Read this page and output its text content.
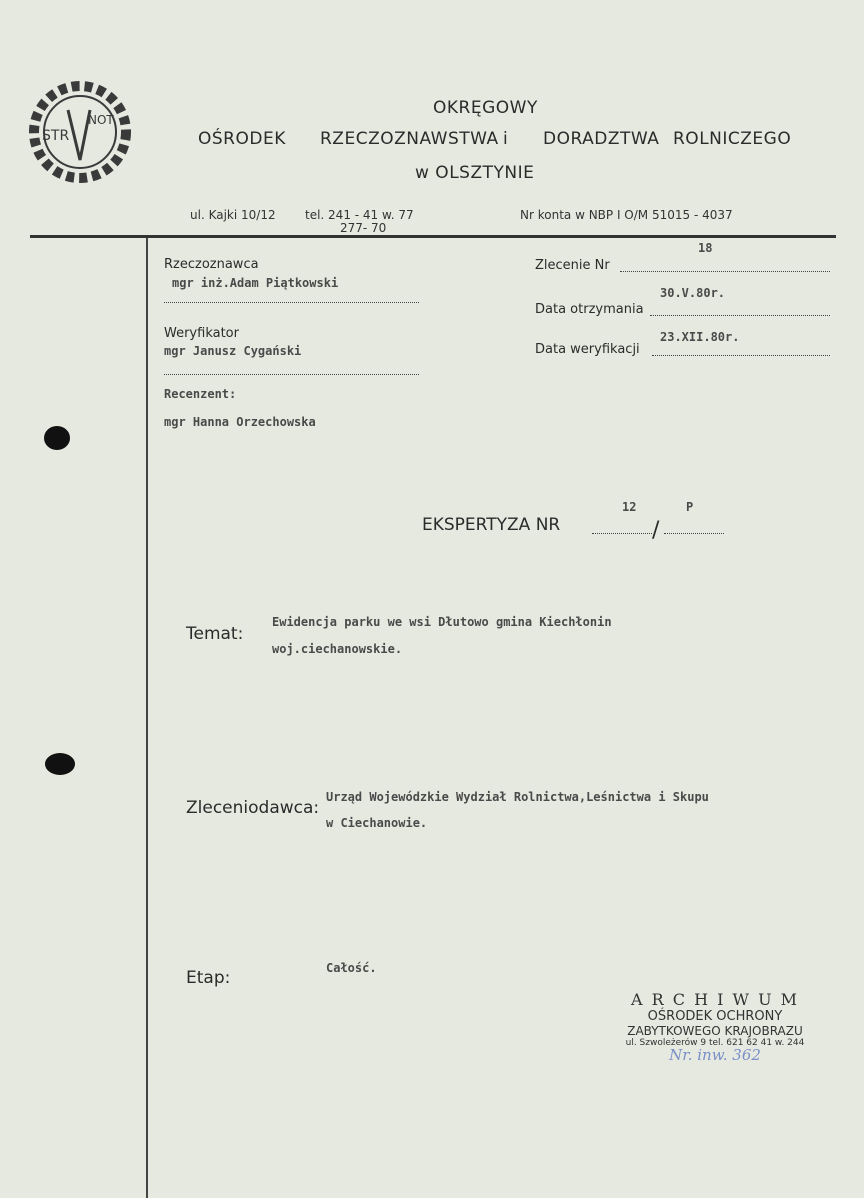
STR
NOT
OKRĘGOWY
OŚRODEK RZECZOZNAWSTWA i DORADZTWA ROLNICZEGO
w OLSZTYNIE
ul. Kajki 10/12 tel. 241 - 41 w. 77
277- 70
Nr konta w NBP I O/M 51015 - 4037
Rzeczoznawca
mgr inż.Adam Piątkowski
Weryfikator
mgr Janusz Cygański
Recenzent:
mgr Hanna Orzechowska
18
Zlecenie Nr
30.V.80r.
Data otrzymania
23.XII.80r.
Data weryfikacji
EKSPERTYZA NR
12
/
P
Temat:
Ewidencja parku we wsi Dłutowo gmina Kiechłonin
woj.ciechanowskie.
Zleceniodawca:
Urząd Wojewódzkie Wydział Rolnictwa,Leśnictwa i Skupu
w Ciechanowie.
Etap:	Całość.
A R C H I W U M
OŚRODEK OCHRONY
ZABYTKOWEGO KRAJOBRAZU
ul. Szwoleżerów 9 tel. 621 62 41 w. 244
Nr. inw. 362
